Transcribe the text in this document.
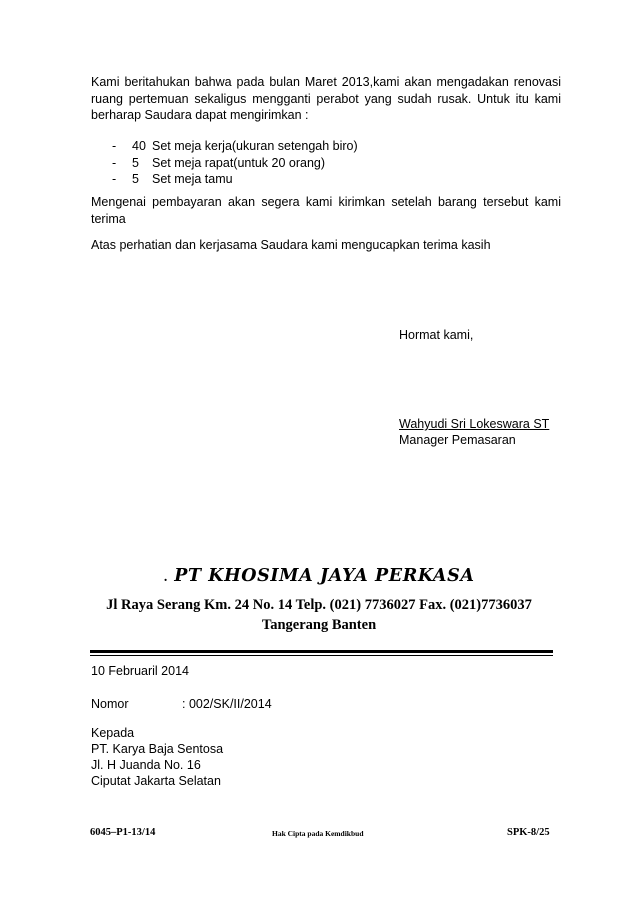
Kami beritahukan bahwa pada bulan Maret 2013,kami akan mengadakan renovasi ruang pertemuan sekaligus mengganti perabot yang sudah rusak. Untuk itu kami berharap Saudara dapat mengirimkan :

-	40 Set meja kerja(ukuran setengah biro)
-	5	Set meja rapat(untuk 20 orang)
-	5	Set meja tamu

Mengenai pembayaran akan segera kami kirimkan setelah barang tersebut kami terima

Atas perhatian dan kerjasama Saudara kami mengucapkan terima kasih

Hormat kami,
Wahyudi Sri Lokeswara ST
Manager Pemasaran
. PT KHOSIMA JAYA PERKASA
Jl Raya Serang Km. 24 No. 14 Telp. (021) 7736027 Fax. (021)7736037
Tangerang Banten
10 Februaril 2014
Nomor	: 002/SK/II/2014
Kepada
PT. Karya Baja Sentosa
Jl. H Juanda No. 16
Ciputat Jakarta Selatan
6045–P1-13/14	Hak Cipta pada Kemdikbud	SPK-8/25
